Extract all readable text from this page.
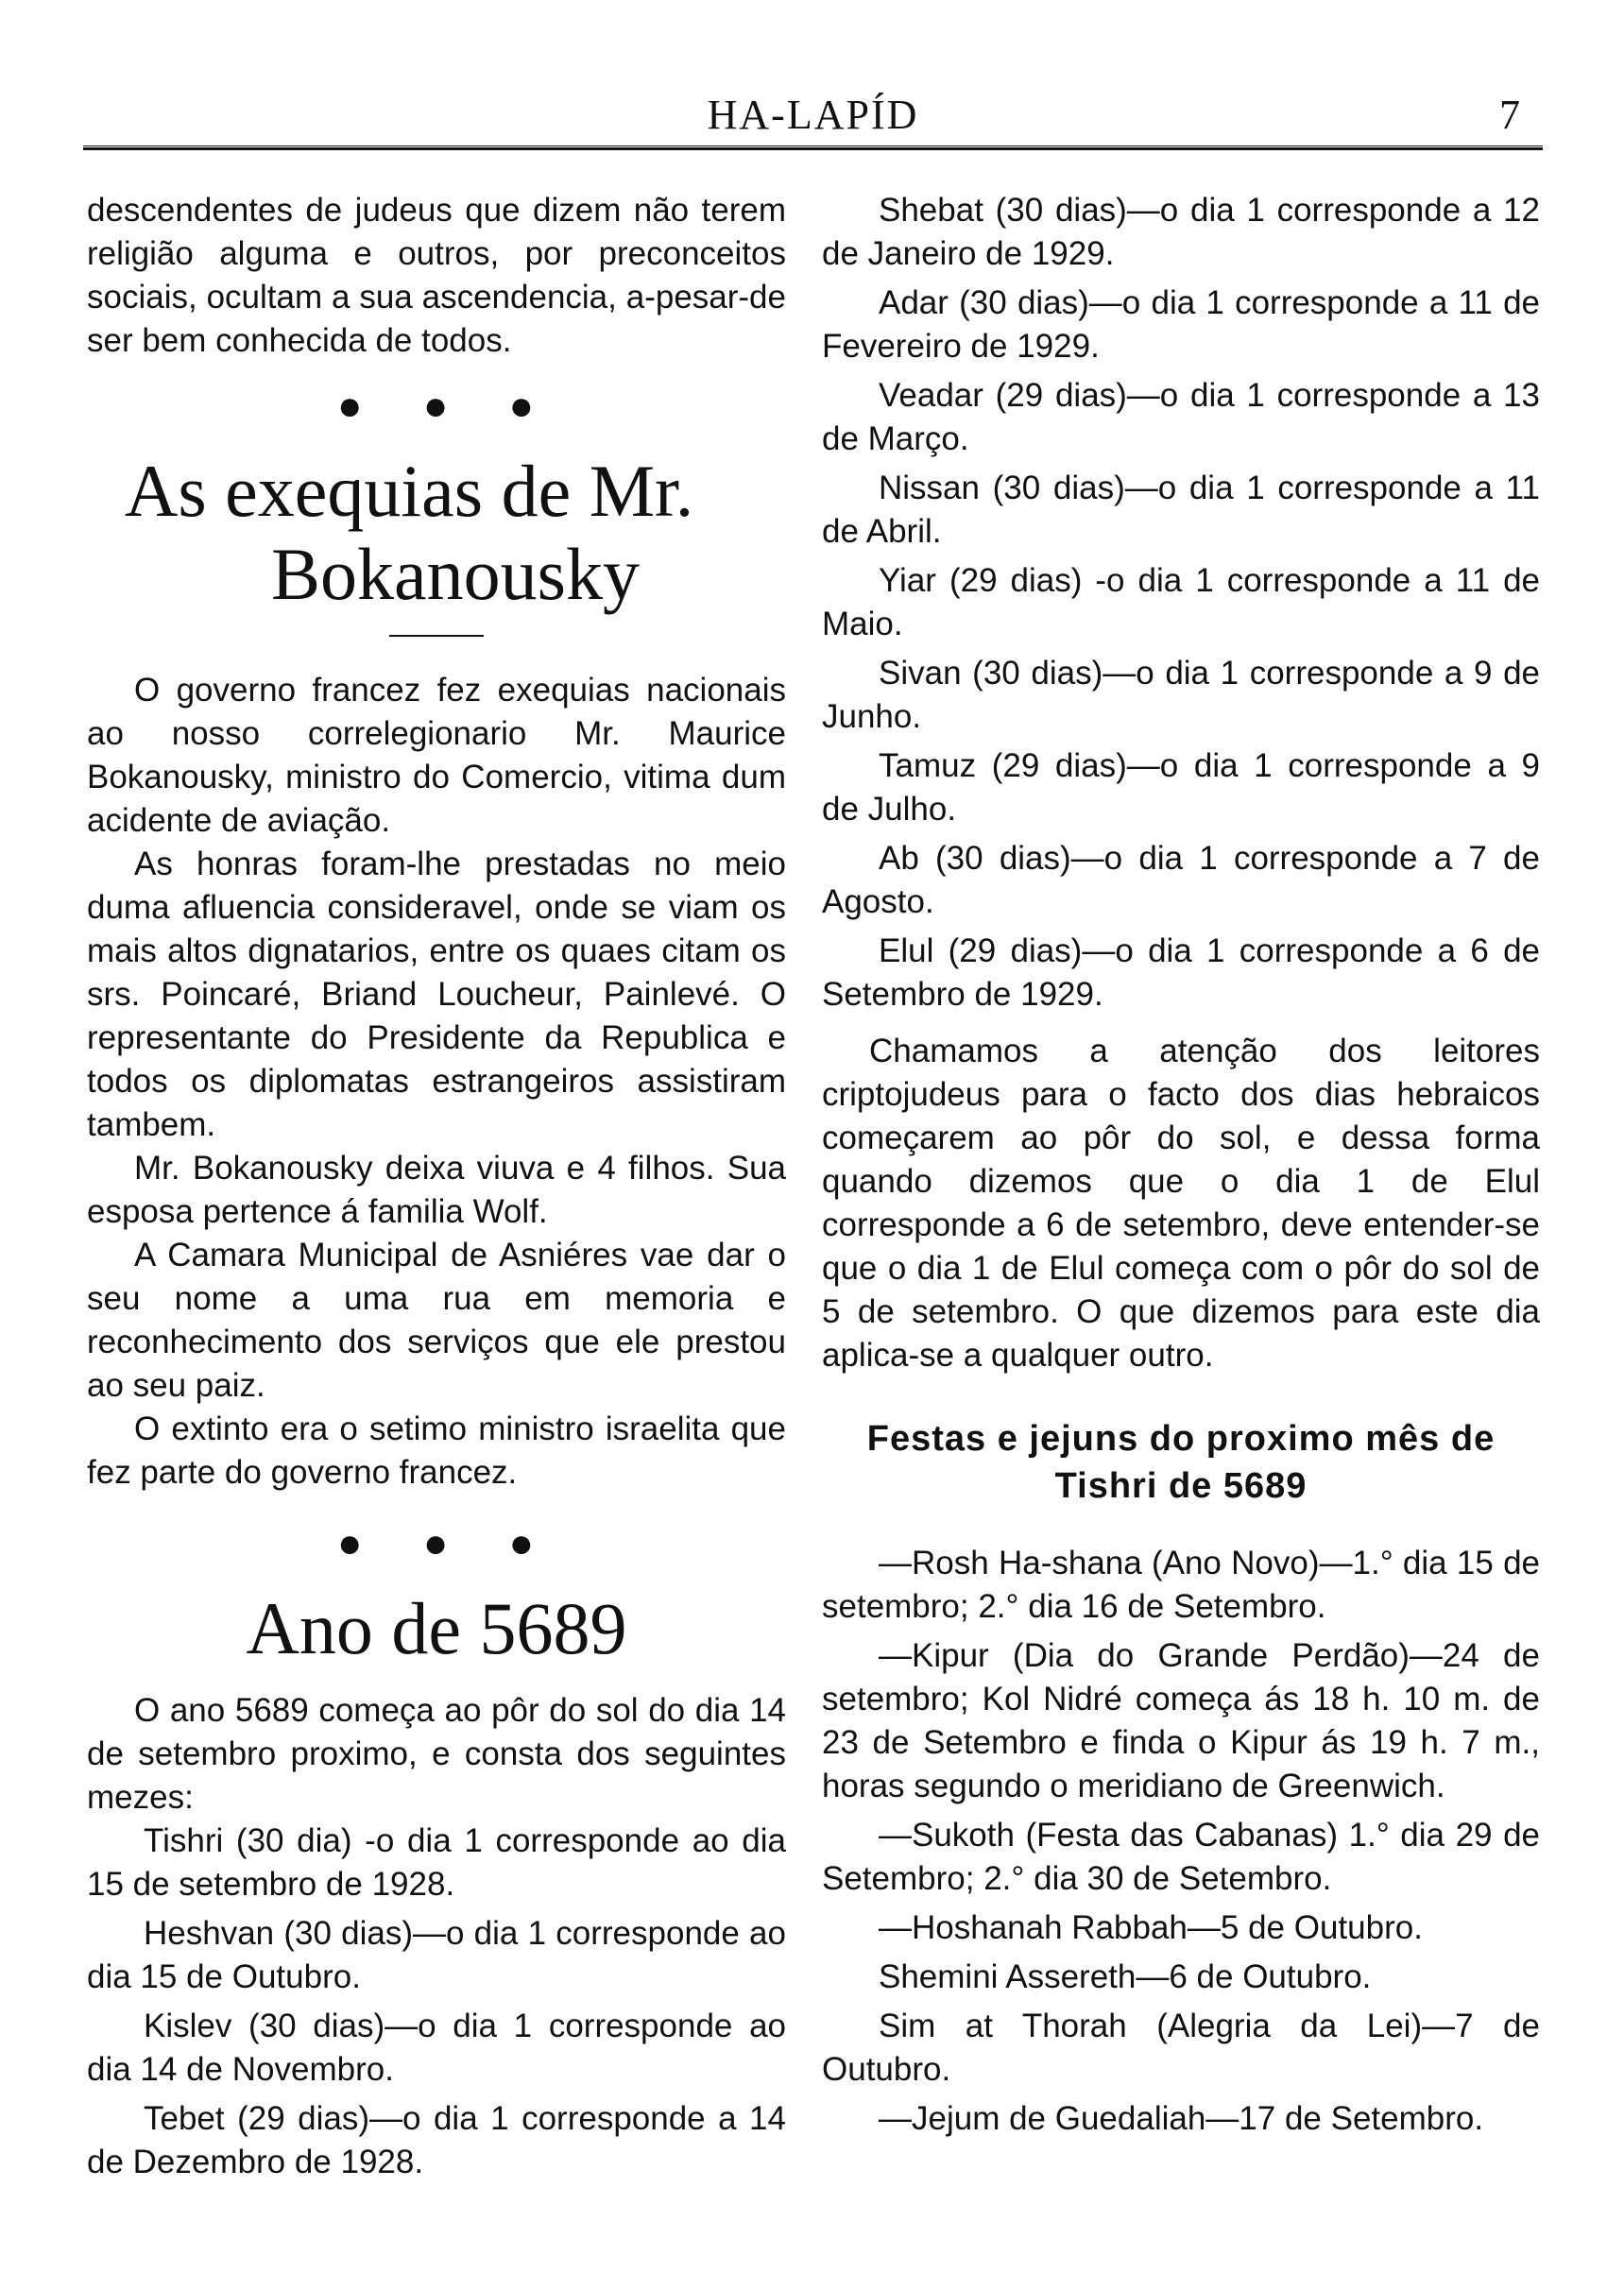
HA-LAPÍD	7

descendentes de judeus que dizem não terem religião alguma e outros, por preconceitos sociais, ocultam a sua ascendencia, a-pesar-de ser bem conhecida de todos.

● ● ●
As exequias de Mr.
Bokanousky

O governo francez fez exequias nacionais ao nosso correlegionario Mr. Maurice Bokanousky, ministro do Comercio, vitima dum acidente de aviação.

As honras foram-lhe prestadas no meio duma afluencia consideravel, onde se viam os mais altos dignatarios, entre os quaes citam os srs. Poincaré, Briand Loucheur, Painlevé. O representante do Presidente da Republica e todos os diplomatas estrangeiros assistiram tambem.

Mr. Bokanousky deixa viuva e 4 filhos. Sua esposa pertence á familia Wolf.

A Camara Municipal de Asniéres vae dar o seu nome a uma rua em memoria e reconhecimento dos serviços que ele prestou ao seu paiz.

O extinto era o setimo ministro israelita que fez parte do governo francez.

● ● ●
Ano de 5689

O ano 5689 começa ao pôr do sol do dia 14 de setembro proximo, e consta dos seguintes mezes:

Tishri (30 dia) -o dia 1 corresponde ao dia 15 de setembro de 1928.
Heshvan (30 dias)—o dia 1 corresponde ao dia 15 de Outubro.
Kislev (30 dias)—o dia 1 corresponde ao dia 14 de Novembro.
Tebet (29 dias)—o dia 1 corresponde a 14 de Dezembro de 1928.
Shebat (30 dias)—o dia 1 corresponde a 12 de Janeiro de 1929.
Adar (30 dias)—o dia 1 corresponde a 11 de Fevereiro de 1929.
Veadar (29 dias)—o dia 1 corresponde a 13 de Março.
Nissan (30 dias)—o dia 1 corresponde a 11 de Abril.
Yiar (29 dias) -o dia 1 corresponde a 11 de Maio.
Sivan (30 dias)—o dia 1 corresponde a 9 de Junho.
Tamuz (29 dias)—o dia 1 corresponde a 9 de Julho.
Ab (30 dias)—o dia 1 corresponde a 7 de Agosto.
Elul (29 dias)—o dia 1 corresponde a 6 de Setembro de 1929.

Chamamos a atenção dos leitores criptojudeus para o facto dos dias hebraicos começarem ao pôr do sol, e dessa forma quando dizemos que o dia 1 de Elul corresponde a 6 de setembro, deve entender-se que o dia 1 de Elul começa com o pôr do sol de 5 de setembro. O que dizemos para este dia aplica-se a qualquer outro.

Festas e jejuns do proximo mês de
Tishri de 5689
—Rosh Ha-shana (Ano Novo)—1.° dia 15 de setembro; 2.° dia 16 de Setembro.
—Kipur (Dia do Grande Perdão)—24 de setembro; Kol Nidré começa ás 18 h. 10 m. de 23 de Setembro e finda o Kipur ás 19 h. 7 m., horas segundo o meridiano de Greenwich.
—Sukoth (Festa das Cabanas) 1.° dia 29 de Setembro; 2.° dia 30 de Setembro.
—Hoshanah Rabbah—5 de Outubro.
Shemini Assereth—6 de Outubro.
Sim at Thorah (Alegria da Lei)—7 de Outubro.
—Jejum de Guedaliah—17 de Setembro.
